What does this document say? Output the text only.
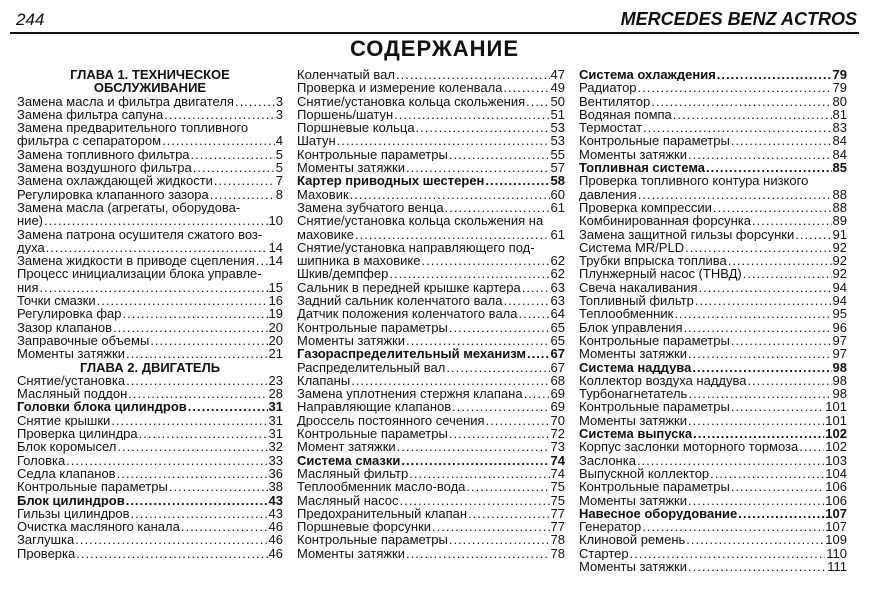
244	MERCEDES BENZ ACTROS
СОДЕРЖАНИЕ
ГЛАВА 1. ТЕХНИЧЕСКОЕ
ОБСЛУЖИВАНИЕ
Замена масла и фильтра двигателя .....	3
Замена фильтра сапуна .....	3
Замена предварительного топливного
фильтра с сепаратором .....	4
Замена топливного фильтра .....	5
Замена воздушного фильтра .....	5
Замена охлаждающей жидкости .....	7
Регулировка клапанного зазора .....	8
Замена масла (агрегаты, оборудова-
ние) .....	10
Замена патрона осушителя сжатого воз-
духа .....	14
Замена жидкости в приводе сцепления ..... 14
Процесс инициализации блока управле-
ния .....	15
Точки смазки .....	16
Регулировка фар .....	19
Зазор клапанов .....	20
Заправочные объемы .....	20
Моменты затяжки .....	21
ГЛАВА 2. ДВИГАТЕЛЬ
Снятие/установка .....	23
Масляный поддон .....	28
Головки блока цилиндров .....	31
Снятие крышки .....	31
Проверка цилиндра .....	31
Блок коромысел .....	32
Головка .....	33
Седла клапанов .....	36
Контрольные параметры .....	38
Блок цилиндров .....	43
Гильзы цилиндров .....	43
Очистка масляного канала .....	46
Заглушка .....	46
Проверка .....	46
Коленчатый вал .....	47
Проверка и измерение коленвала .....	49
Снятие/установка кольца скольжения ..... 50
Поршень/шатун .....	51
Поршневые кольца .....	53
Шатун .....	53
Контрольные параметры .....	55
Моменты затяжки .....	57
Картер приводных шестерен .....	58
Маховик .....	60
Замена зубчатого венца .....	61
Снятие/установка кольца скольжения на
маховике .....	61
Снятие/установка направляющего под-
шипника в маховике .....	62
Шкив/демпфер .....	62
Сальник в передней крышке картера ..... 63
Задний сальник коленчатого вала .....	63
Датчик положения коленчатого вала .....	64
Контрольные параметры .....	65
Моменты затяжки .....	65
Газораспределительный механизм ..... 67
Распределительный вал .....	67
Клапаны .....	68
Замена уплотнения стержня клапана ..... 69
Направляющие клапанов .....	69
Дроссель постоянного сечения .....	70
Контрольные параметры .....	72
Момент затяжки .....	73
Система смазки .....	74
Масляный фильтр .....	74
Теплообменник масло-вода .....	75
Масляный насос .....	75
Предохранительный клапан .....	77
Поршневые форсунки .....	77
Контрольные параметры .....	78
Моменты затяжки .....	78
Система охлаждения .....	79
Радиатор .....	79
Вентилятор .....	80
Водяная помпа .....	81
Термостат .....	83
Контрольные параметры .....	84
Моменты затяжки .....	84
Топливная система .....	85
Проверка топливного контура низкого
давления .....	88
Проверка компрессии .....	88
Комбинированная форсунка .....	89
Замена защитной гильзы форсунки .....	91
Система MR/PLD .....	92
Трубки впрыска топлива .....	92
Плунжерный насос (ТНВД) .....	92
Свеча накаливания .....	94
Топливный фильтр .....	94
Теплообменник .....	95
Блок управления .....	96
Контрольные параметры .....	97
Моменты затяжки .....	97
Система наддува .....	98
Коллектор воздуха наддува .....	98
Турбонагнетатель .....	98
Контрольные параметры .....	101
Моменты затяжки .....	101
Система выпуска .....	102
Корпус заслонки моторного тормоза ..... 102
Заслонка .....	103
Выпускной коллектор .....	104
Контрольные параметры .....	106
Моменты затяжки .....	106
Навесное оборудование .....	107
Генератор .....	107
Клиновой ремень .....	109
Стартер .....	110
Моменты затяжки .....	111
